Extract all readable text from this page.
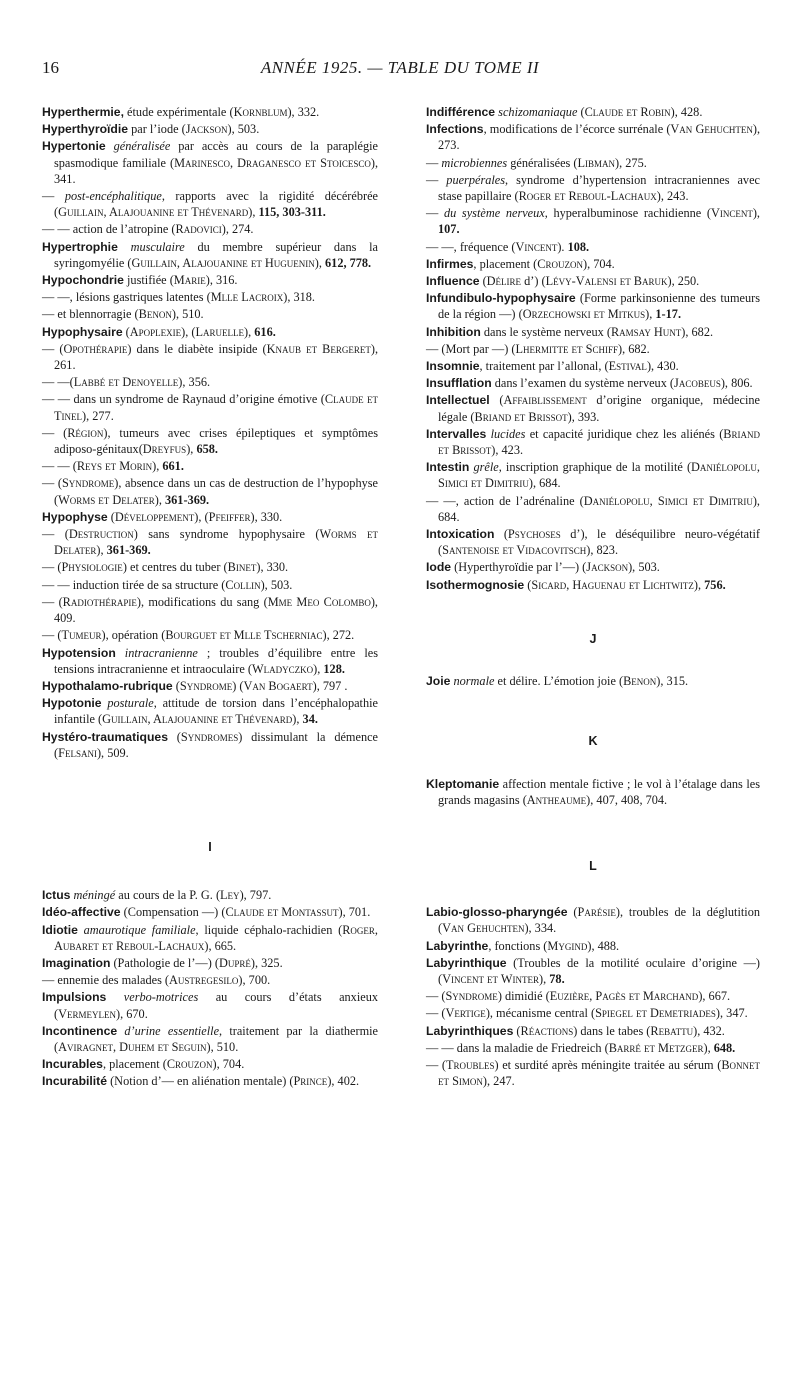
16	ANNÉE 1925. — TABLE DU TOME II

Hyperthermie, étude expérimentale (Kornblum), 332.

Hyperthyroïdie par l’iode (Jackson), 503.

Hypertonie généralisée par accès au cours de la paraplégie spasmodique familiale (Marinesco, Draganesco et Stoicesco), 341.

— post-encéphalitique, rapports avec la rigidité décérébrée (Guillain, Alajouanine et Thévenard), 115, 303-311.

— — action de l’atropine (Radovici), 274.

Hypertrophie musculaire du membre supérieur dans la syringomyélie (Guillain, Alajouanine et Huguenin), 612, 778.

Hypochondrie justifiée (Marie), 316.

— —, lésions gastriques latentes (Mlle Lacroix), 318.

— et blennorragie (Benon), 510.

Hypophysaire (Apoplexie), (Laruelle), 616.

— (Opothérapie) dans le diabète insipide (Knaub et Bergeret), 261.

— —(Labbé et Denoyelle), 356.

— — dans un syndrome de Raynaud d’origine émotive (Claude et Tinel), 277.

— (Région), tumeurs avec crises épileptiques et symptômes adiposo-génitaux(Dreyfus), 658.

— — (Reys et Morin), 661.

— (Syndrome), absence dans un cas de destruction de l’hypophyse (Worms et Delater), 361-369.

Hypophyse (Développement), (Pfeiffer), 330.

— (Destruction) sans syndrome hypophysaire (Worms et Delater), 361-369.

— (Physiologie) et centres du tuber (Binet), 330.

— — induction tirée de sa structure (Collin), 503.

— (Radiothérapie), modifications du sang (Mme Meo Colombo), 409.

— (Tumeur), opération (Bourguet et Mlle Tscherniac), 272.

Hypotension intracranienne ; troubles d’équilibre entre les tensions intracranienne et intraoculaire (Wladyczko), 128.

Hypothalamo-rubrique (Syndrome) (Van Bogaert), 797 .

Hypotonie posturale, attitude de torsion dans l’encéphalopathie infantile (Guillain, Alajouanine et Thévenard), 34.

Hystéro-traumatiques (Syndromes) dissimulant la démence (Felsani), 509.

I

Ictus méningé au cours de la P. G. (Ley), 797.

Idéo-affective (Compensation —) (Claude et Montassut), 701.

Idiotie amaurotique familiale, liquide céphalo-rachidien (Roger, Aubaret et Reboul-Lachaux), 665.

Imagination (Pathologie de l’—) (Dupré), 325.

— ennemie des malades (Austregesilo), 700.

Impulsions verbo-motrices au cours d’états anxieux (Vermeylen), 670.

Incontinence d’urine essentielle, traitement par la diathermie (Aviragnet, Duhem et Seguin), 510.

Incurables, placement (Crouzon), 704.

Incurabilité (Notion d’— en aliénation mentale) (Prince), 402.

Indifférence schizomaniaque (Claude et Robin), 428.

Infections, modifications de l’écorce surrénale (Van Gehuchten), 273.

— microbiennes généralisées (Libman), 275.

— puerpérales, syndrome d’hypertension intracraniennes avec stase papillaire (Roger et Reboul-Lachaux), 243.

— du système nerveux, hyperalbuminose rachidienne (Vincent), 107.

— —, fréquence (Vincent). 108.

Infirmes, placement (Crouzon), 704.

Influence (Délire d’) (Lévy-Valensi et Baruk), 250.

Infundibulo-hypophysaire (Forme parkinsonienne des tumeurs de la région —) (Orzechowski et Mitkus), 1-17.

Inhibition dans le système nerveux (Ramsay Hunt), 682.

— (Mort par —) (Lhermitte et Schiff), 682.

Insomnie, traitement par l’allonal, (Estival), 430.

Insufflation dans l’examen du système nerveux (Jacobeus), 806.

Intellectuel (Affaiblissement d’origine organique, médecine légale (Briand et Brissot), 393.

Intervalles lucides et capacité juridique chez les aliénés (Briand et Brissot), 423.

Intestin grêle, inscription graphique de la motilité (Daniélopolu, Simici et Dimitriu), 684.

— —, action de l’adrénaline (Daniélopolu, Simici et Dimitriu), 684.

Intoxication (Psychoses d’), le déséquilibre neuro-végétatif (Santenoise et Vidacovitsch), 823.

Iode (Hyperthyroïdie par l’—) (Jackson), 503.

Isothermognosie (Sicard, Haguenau et Lichtwitz), 756.

J

Joie normale et délire. L’émotion joie (Benon), 315.

K

Kleptomanie affection mentale fictive ; le vol à l’étalage dans les grands magasins (Antheaume), 407, 408, 704.

L

Labio-glosso-pharyngée (Parésie), troubles de la déglutition (Van Gehuchten), 334.

Labyrinthe, fonctions (Mygind), 488.

Labyrinthique (Troubles de la motilité oculaire d’origine —) (Vincent et Winter), 78.

— (Syndrome) dimidié (Euzière, Pagès et Marchand), 667.

— (Vertige), mécanisme central (Spiegel et Demetriades), 347.

Labyrinthiques (Réactions) dans le tabes (Rebattu), 432.

— — dans la maladie de Friedreich (Barré et Metzger), 648.

— (Troubles) et surdité après méningite traitée au sérum (Bonnet et Simon), 247.
